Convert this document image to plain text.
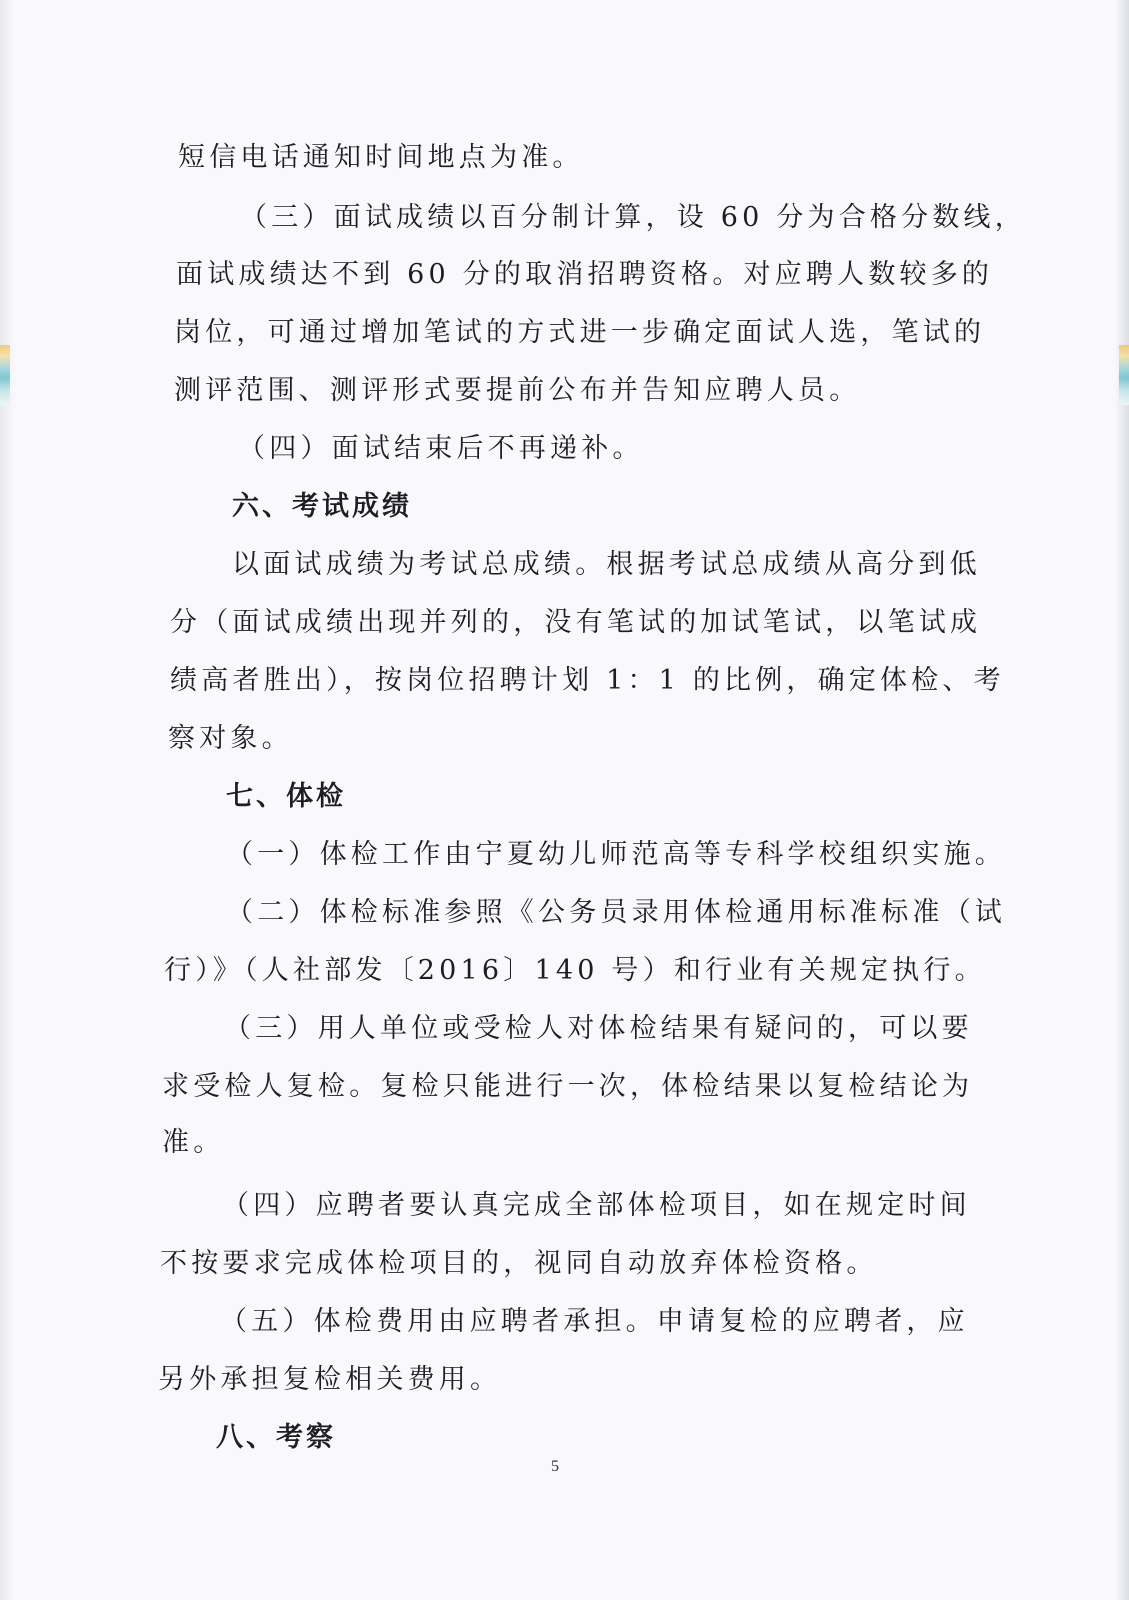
短信电话通知时间地点为准。

（三）面试成绩以百分制计算，设 60 分为合格分数线，

面试成绩达不到 60 分的取消招聘资格。对应聘人数较多的

岗位，可通过增加笔试的方式进一步确定面试人选，笔试的

测评范围、测评形式要提前公布并告知应聘人员。

（四）面试结束后不再递补。

六、考试成绩

以面试成绩为考试总成绩。根据考试总成绩从高分到低

分（面试成绩出现并列的，没有笔试的加试笔试，以笔试成

绩高者胜出），按岗位招聘计划 1：1 的比例，确定体检、考

察对象。

七、体检

（一）体检工作由宁夏幼儿师范高等专科学校组织实施。

（二）体检标准参照《公务员录用体检通用标准标准（试

行）》（人社部发〔2016〕140 号）和行业有关规定执行。

（三）用人单位或受检人对体检结果有疑问的，可以要

求受检人复检。复检只能进行一次，体检结果以复检结论为

准。

（四）应聘者要认真完成全部体检项目，如在规定时间

不按要求完成体检项目的，视同自动放弃体检资格。

（五）体检费用由应聘者承担。申请复检的应聘者，应

另外承担复检相关费用。

八、考察

5
